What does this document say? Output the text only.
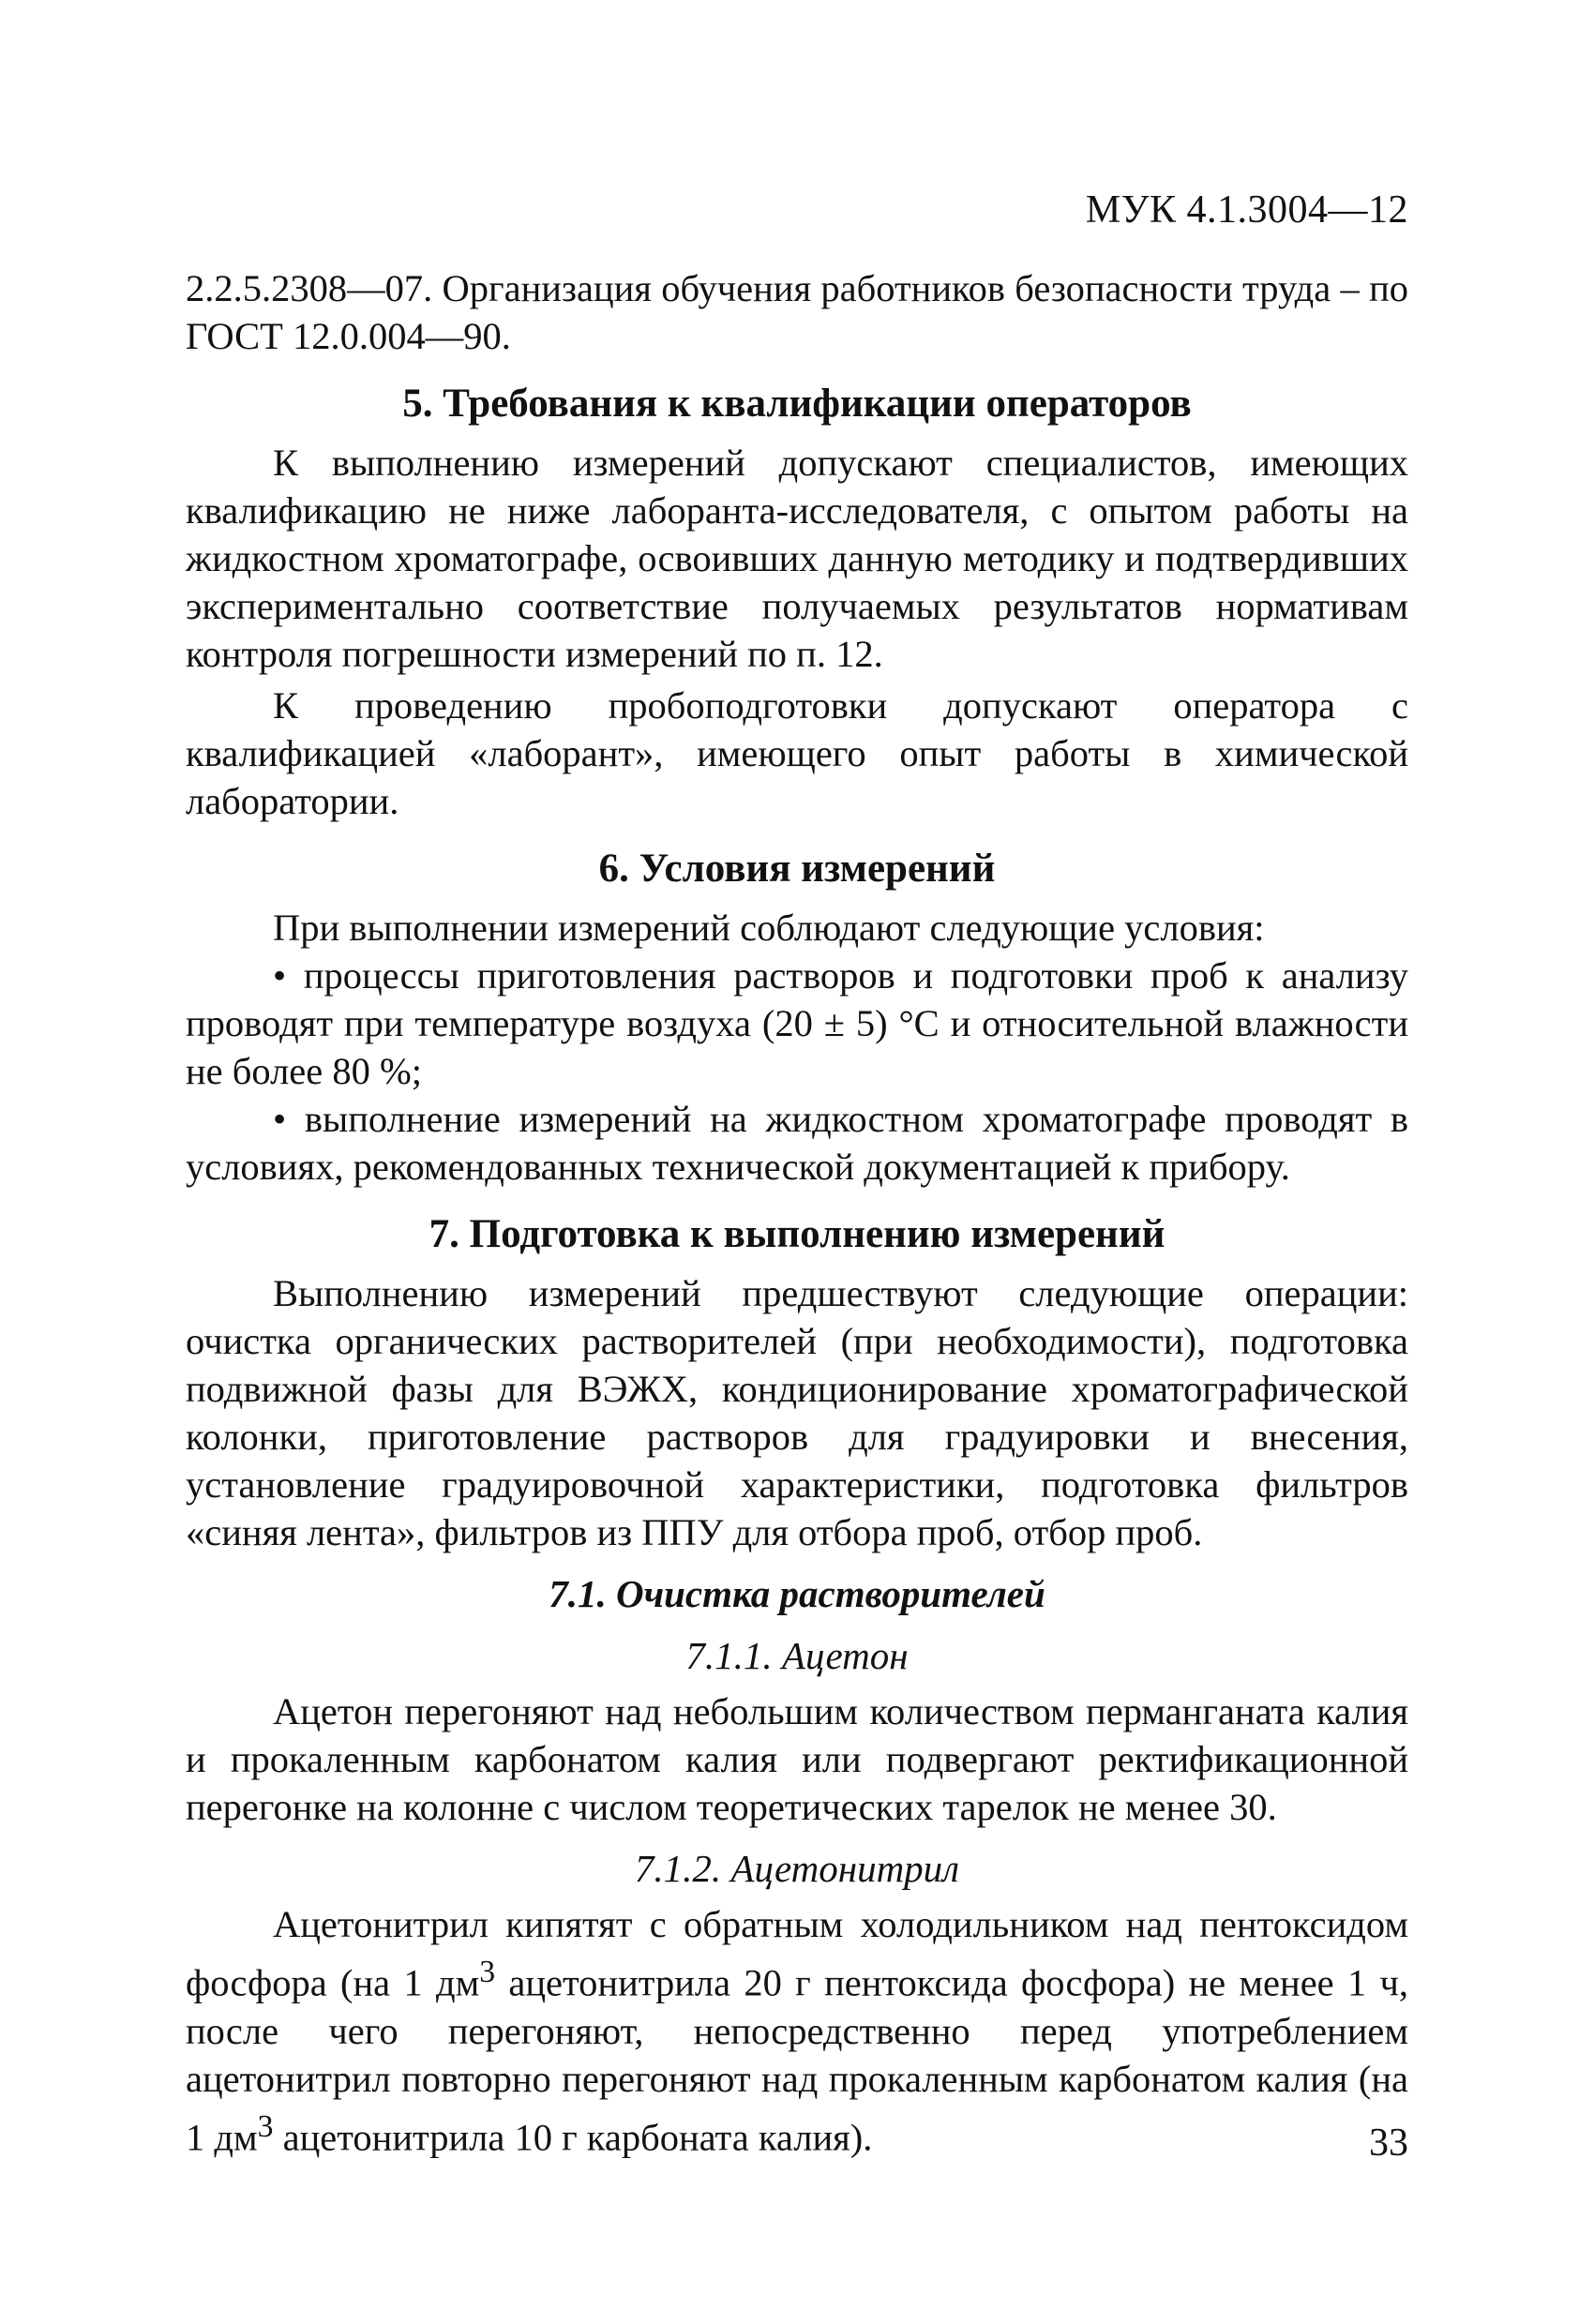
МУК 4.1.3004—12

2.2.5.2308—07. Организация обучения работников безопасности труда – по ГОСТ 12.0.004—90.

5. Требования к квалификации операторов

К выполнению измерений допускают специалистов, имеющих квалификацию не ниже лаборанта-исследователя, с опытом работы на жидкостном хроматографе, освоивших данную методику и подтвердивших экспериментально соответствие получаемых результатов нормативам контроля погрешности измерений по п. 12.

К проведению пробоподготовки допускают оператора с квалификацией «лаборант», имеющего опыт работы в химической лаборатории.

6. Условия измерений

При выполнении измерений соблюдают следующие условия:

• процессы приготовления растворов и подготовки проб к анализу проводят при температуре воздуха (20 ± 5) °С и относительной влажности не более 80 %;

• выполнение измерений на жидкостном хроматографе проводят в условиях, рекомендованных технической документацией к прибору.

7. Подготовка к выполнению измерений

Выполнению измерений предшествуют следующие операции: очистка органических растворителей (при необходимости), подготовка подвижной фазы для ВЭЖХ, кондиционирование хроматографической колонки, приготовление растворов для градуировки и внесения, установление градуировочной характеристики, подготовка фильтров «синяя лента», фильтров из ППУ для отбора проб, отбор проб.

7.1. Очистка растворителей
7.1.1. Ацетон

Ацетон перегоняют над небольшим количеством перманганата калия и прокаленным карбонатом калия или подвергают ректификационной перегонке на колонне с числом теоретических тарелок не менее 30.

7.1.2. Ацетонитрил

Ацетонитрил кипятят с обратным холодильником над пентоксидом фосфора (на 1 $дм^3$ ацетонитрила 20 г пентоксида фосфора) не менее 1 ч, после чего перегоняют, непосредственно перед употреблением ацетонитрил повторно перегоняют над прокаленным карбонатом калия (на 1 $дм^3$ ацетонитрила 10 г карбоната калия).	33
